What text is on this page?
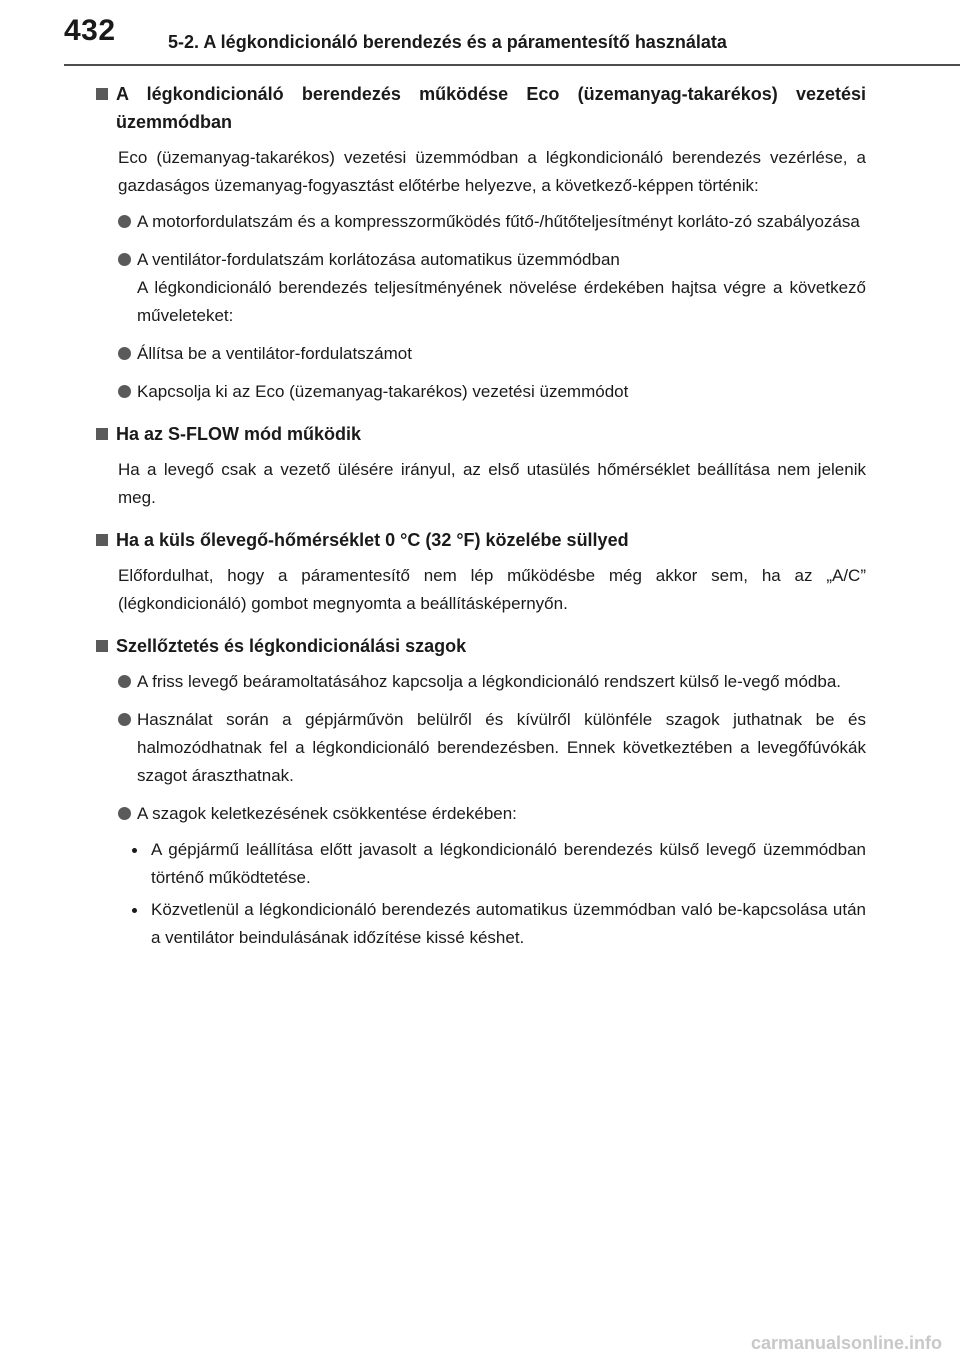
432	5-2. A légkondicionáló berendezés és a páramentesítő használata
A légkondicionáló berendezés működése Eco (üzemanyag-takarékos) vezetési üzemmódban

Eco (üzemanyag-takarékos) vezetési üzemmódban a légkondicionáló berendezés vezérlése, a gazdaságos üzemanyag-fogyasztást előtérbe helyezve, a következő-képpen történik:

A motorfordulatszám és a kompresszorműködés fűtő-/hűtőteljesítményt korláto-zó szabályozása
A ventilátor-fordulatszám korlátozása automatikus üzemmódban
A légkondicionáló berendezés teljesítményének növelése érdekében hajtsa végre a következő műveleteket:
Állítsa be a ventilátor-fordulatszámot
Kapcsolja ki az Eco (üzemanyag-takarékos) vezetési üzemmódot
Ha az S-FLOW mód működik

Ha a levegő csak a vezető ülésére irányul, az első utasülés hőmérséklet beállítása nem jelenik meg.

Ha a küls őlevegő-hőmérséklet 0 °C (32 °F) közelébe süllyed

Előfordulhat, hogy a páramentesítő nem lép működésbe még akkor sem, ha az „A/C” (légkondicionáló) gombot megnyomta a beállításképernyőn.

Szellőztetés és légkondicionálási szagok
A friss levegő beáramoltatásához kapcsolja a légkondicionáló rendszert külső le-vegő módba.
Használat során a gépjárművön belülről és kívülről különféle szagok juthatnak be és halmozódhatnak fel a légkondicionáló berendezésben. Ennek következtében a levegőfúvókák szagot áraszthatnak.
A szagok keletkezésének csökkentése érdekében:
A gépjármű leállítása előtt javasolt a légkondicionáló berendezés külső levegő üzemmódban történő működtetése.
Közvetlenül a légkondicionáló berendezés automatikus üzemmódban való be-kapcsolása után a ventilátor beindulásának időzítése kissé késhet.
carmanualsonline.info
